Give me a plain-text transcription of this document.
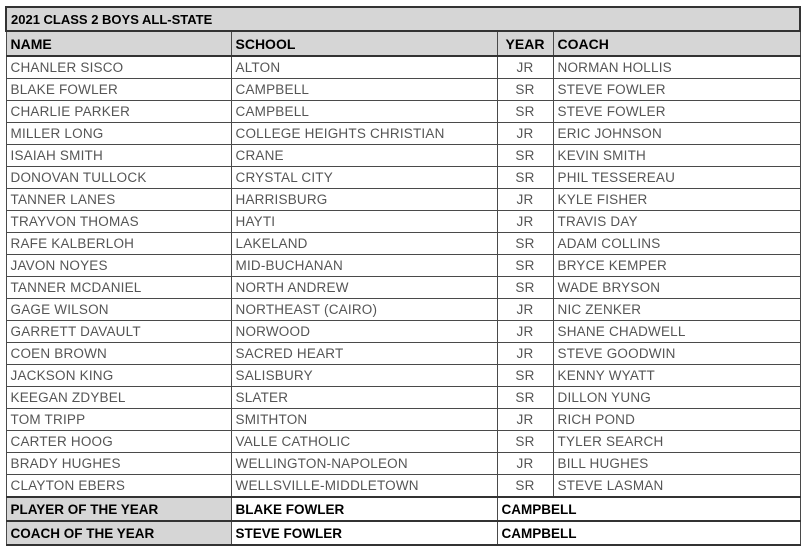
2021 CLASS 2 BOYS ALL-STATE			
NAME	SCHOOL	YEAR	COACH
CHANLER SISCO	ALTON	JR	NORMAN HOLLIS
BLAKE FOWLER	CAMPBELL	SR	STEVE FOWLER
CHARLIE PARKER	CAMPBELL	SR	STEVE FOWLER
MILLER LONG	COLLEGE HEIGHTS CHRISTIAN	JR	ERIC JOHNSON
ISAIAH SMITH	CRANE	SR	KEVIN SMITH
DONOVAN TULLOCK	CRYSTAL CITY	SR	PHIL TESSEREAU
TANNER LANES	HARRISBURG	JR	KYLE FISHER
TRAYVON THOMAS	HAYTI	JR	TRAVIS DAY
RAFE KALBERLOH	LAKELAND	SR	ADAM COLLINS
JAVON NOYES	MID-BUCHANAN	SR	BRYCE KEMPER
TANNER MCDANIEL	NORTH ANDREW	SR	WADE BRYSON
GAGE WILSON	NORTHEAST (CAIRO)	JR	NIC ZENKER
GARRETT DAVAULT	NORWOOD	JR	SHANE CHADWELL
COEN BROWN	SACRED HEART	JR	STEVE GOODWIN
JACKSON KING	SALISBURY	SR	KENNY WYATT
KEEGAN ZDYBEL	SLATER	SR	DILLON YUNG
TOM TRIPP	SMITHTON	JR	RICH POND
CARTER HOOG	VALLE CATHOLIC	SR	TYLER SEARCH
BRADY HUGHES	WELLINGTON-NAPOLEON	JR	BILL HUGHES
CLAYTON EBERS	WELLSVILLE-MIDDLETOWN	SR	STEVE LASMAN
PLAYER OF THE YEAR	BLAKE FOWLER	CAMPBELL	
COACH OF THE YEAR	STEVE FOWLER	CAMPBELL	
